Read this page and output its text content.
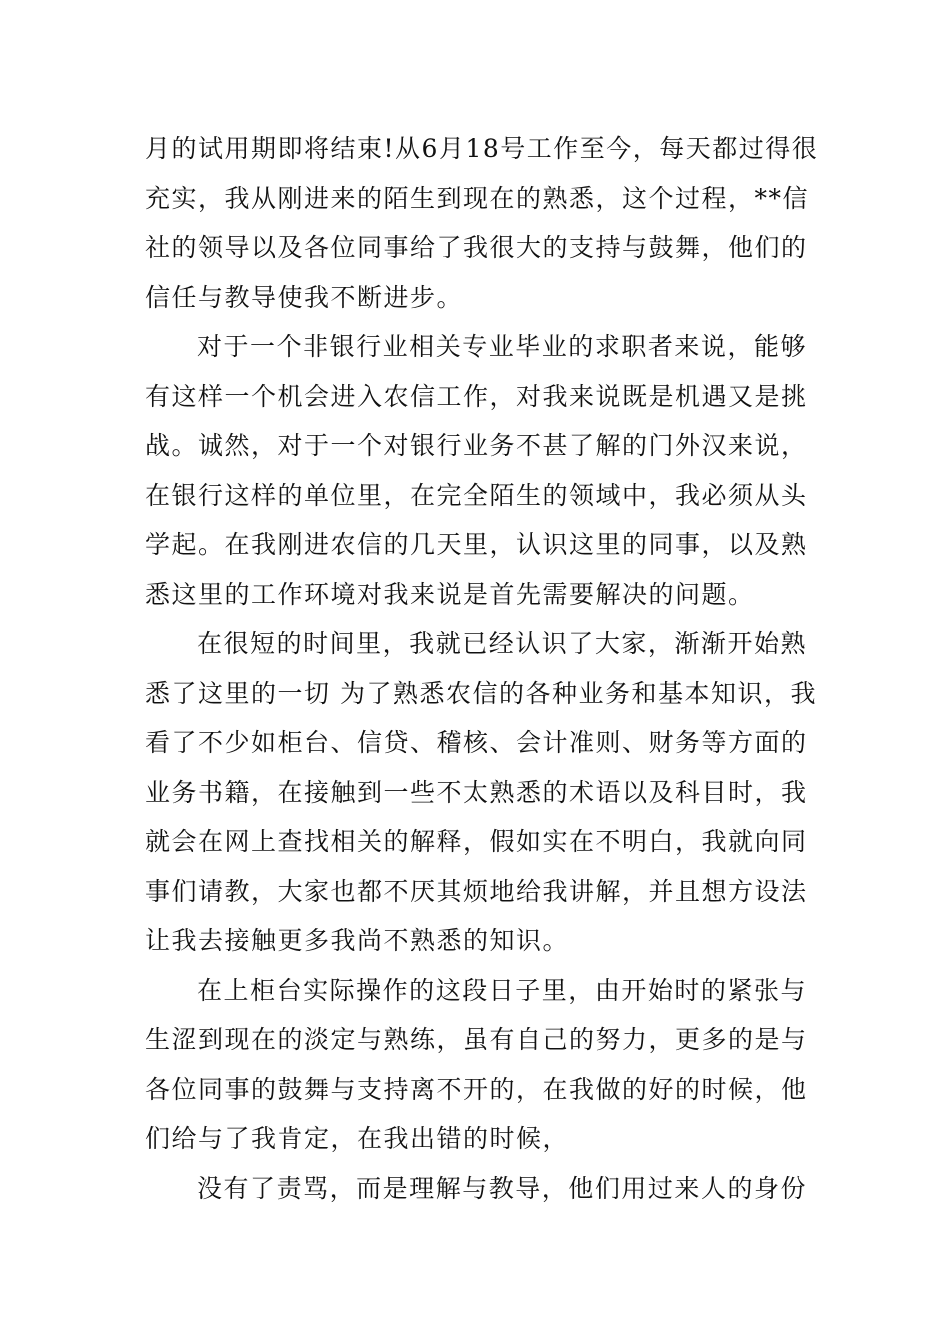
月的试用期即将结束!从6月18号工作至今，每天都过得很
充实，我从刚进来的陌生到现在的熟悉，这个过程，**信
社的领导以及各位同事给了我很大的支持与鼓舞，他们的
信任与教导使我不断进步。
对于一个非银行业相关专业毕业的求职者来说，能够
有这样一个机会进入农信工作，对我来说既是机遇又是挑
战。诚然，对于一个对银行业务不甚了解的门外汉来说，
在银行这样的单位里，在完全陌生的领域中，我必须从头
学起。在我刚进农信的几天里，认识这里的同事，以及熟
悉这里的工作环境对我来说是首先需要解决的问题。
在很短的时间里，我就已经认识了大家，渐渐开始熟
悉了这里的一切 为了熟悉农信的各种业务和基本知识，我
看了不少如柜台、信贷、稽核、会计准则、财务等方面的
业务书籍，在接触到一些不太熟悉的术语以及科目时，我
就会在网上查找相关的解释，假如实在不明白，我就向同
事们请教，大家也都不厌其烦地给我讲解，并且想方设法
让我去接触更多我尚不熟悉的知识。
在上柜台实际操作的这段日子里，由开始时的紧张与
生涩到现在的淡定与熟练，虽有自己的努力，更多的是与
各位同事的鼓舞与支持离不开的，在我做的好的时候，他
们给与了我肯定，在我出错的时候，
没有了责骂，而是理解与教导，他们用过来人的身份
